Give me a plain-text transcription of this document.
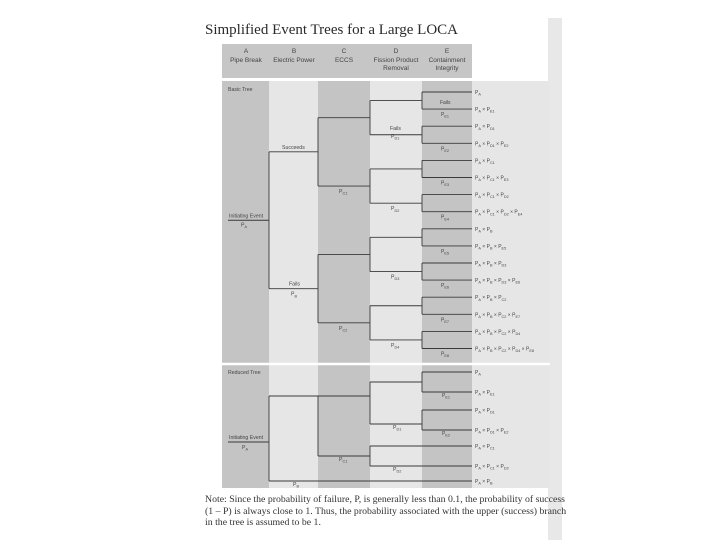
Simplified Event Trees for a Large LOCA
A
Pipe Break
B
Electric Power
C
ECCS
D
Fission Product
Removal
E
Containment
Integrity
Basic Tree
Initiating Event
$P_A$
Succeeds
Fails
$P_B$
$P_{C1}$
$P_{C2}$
Fails
$P_{D1}$
$P_{D2}$
$P_{D3}$
$P_{D4}$
$P_A$
$P_A \times P_{E1}$
$P_A \times P_{D1}$
$P_A \times P_{D1} \times P_{E2}$
$P_A \times P_{C1}$
$P_A \times P_{C1} \times P_{E3}$
$P_A \times P_{C1} \times P_{D2}$
$P_A \times P_{C1} \times P_{D2} \times P_{E4}$
$P_A \times P_B$
$P_A \times P_B \times P_{E5}$
$P_A \times P_B \times P_{D3}$
$P_A \times P_B \times P_{D3} \times P_{E6}$
$P_A \times P_B \times P_{C2}$
$P_A \times P_B \times P_{C2} \times P_{E7}$
$P_A \times P_B \times P_{C2} \times P_{D4}$
$P_A \times P_B \times P_{C2} \times P_{D4} \times P_{E8}$
Fails
$P_{E1}$
$P_{E2}$
$P_{E3}$
$P_{E4}$
$P_{E5}$
$P_{E6}$
$P_{E7}$
$P_{E8}$
Reduced Tree
Initiating Event
$P_A$
$P_B$
$P_{C1}$
$P_{D1}$
$P_{D2}$
$P_{E1}$
$P_{E2}$
$P_A$
$P_A \times P_{E1}$
$P_A \times P_{D1}$
$P_A \times P_{D1} \times P_{E2}$
$P_A \times P_{C1}$
$P_A \times P_{C1} \times P_{D2}$
$P_A \times P_B$
Note: Since the probability of failure, P, is generally less than 0.1, the probability of success
(1 – P) is always close to 1. Thus, the probability associated with the upper (success) branch
in the tree is assumed to be 1.
